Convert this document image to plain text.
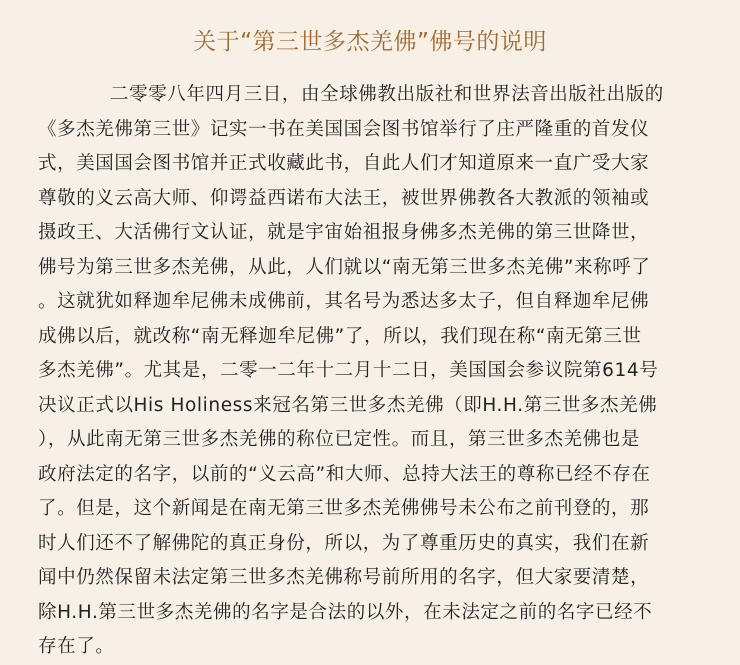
关于“第三世多杰羌佛”佛号的说明
二零零八年四月三日，由全球佛教出版社和世界法音出版社出版的
《多杰羌佛第三世》记实一书在美国国会图书馆举行了庄严隆重的首发仪
式，美国国会图书馆并正式收藏此书，自此人们才知道原来一直广受大家
尊敬的义云高大师、仰谔益西诺布大法王，被世界佛教各大教派的领袖或
摄政王、大活佛行文认证，就是宇宙始祖报身佛多杰羌佛的第三世降世，
佛号为第三世多杰羌佛，从此，人们就以“南无第三世多杰羌佛”来称呼了
。这就犹如释迦牟尼佛未成佛前，其名号为悉达多太子，但自释迦牟尼佛
成佛以后，就改称“南无释迦牟尼佛”了，所以，我们现在称“南无第三世
多杰羌佛”。尤其是，二零一二年十二月十二日，美国国会参议院第614号
决议正式以His Holiness来冠名第三世多杰羌佛（即H.H.第三世多杰羌佛
），从此南无第三世多杰羌佛的称位已定性。而且，第三世多杰羌佛也是
政府法定的名字，以前的“义云高”和大师、总持大法王的尊称已经不存在
了。但是，这个新闻是在南无第三世多杰羌佛佛号未公布之前刊登的，那
时人们还不了解佛陀的真正身份，所以，为了尊重历史的真实，我们在新
闻中仍然保留未法定第三世多杰羌佛称号前所用的名字，但大家要清楚，
除H.H.第三世多杰羌佛的名字是合法的以外，在未法定之前的名字已经不
存在了。
